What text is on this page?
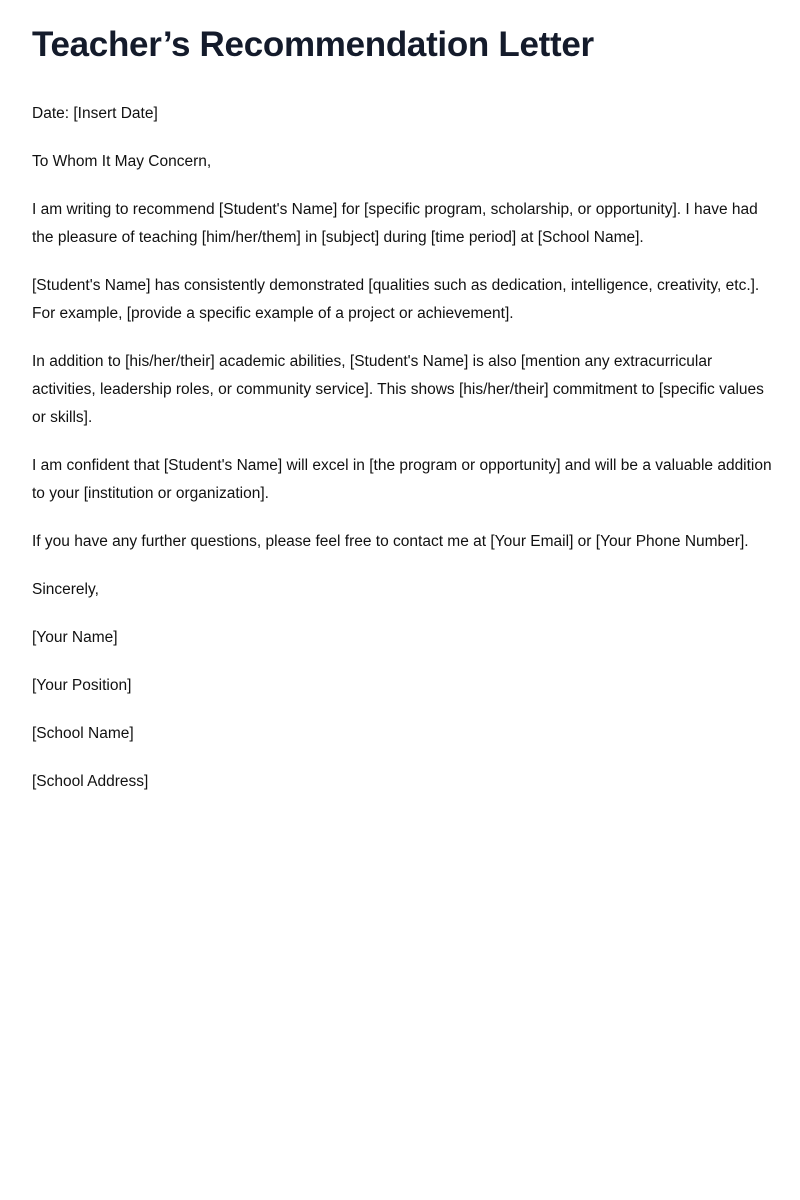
Teacher’s Recommendation Letter

Date: [Insert Date]

To Whom It May Concern,

I am writing to recommend [Student's Name] for [specific program, scholarship, or opportunity]. I have had the pleasure of teaching [him/her/them] in [subject] during [time period] at [School Name].

[Student's Name] has consistently demonstrated [qualities such as dedication, intelligence, creativity, etc.]. For example, [provide a specific example of a project or achievement].

In addition to [his/her/their] academic abilities, [Student's Name] is also [mention any extracurricular activities, leadership roles, or community service]. This shows [his/her/their] commitment to [specific values or skills].

I am confident that [Student's Name] will excel in [the program or opportunity] and will be a valuable addition to your [institution or organization].

If you have any further questions, please feel free to contact me at [Your Email] or [Your Phone Number].

Sincerely,

[Your Name]

[Your Position]

[School Name]

[School Address]
